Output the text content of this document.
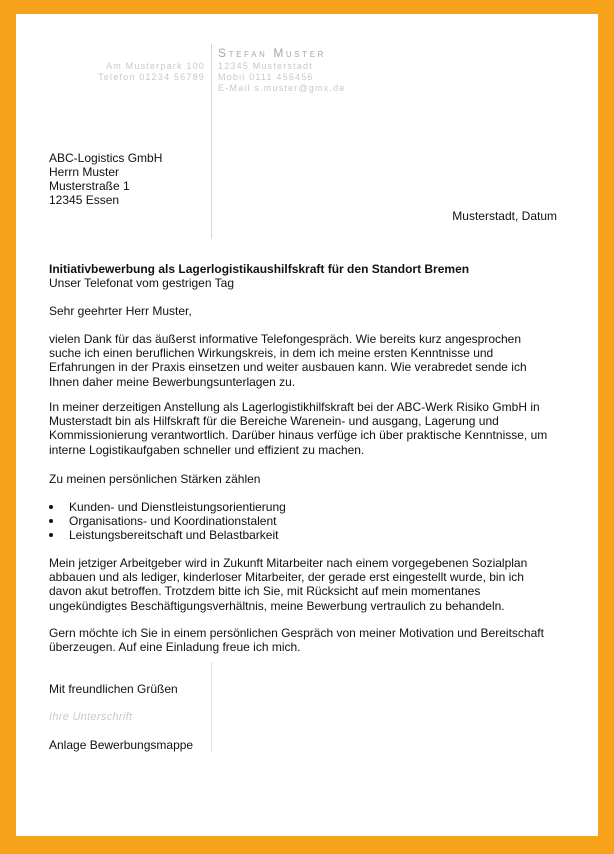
Am Musterpark 100
Telefon 01234 56789
Stefan Muster
12345 Musterstadt
Mobil 0111 456456
E-Mail s.muster@gmx.de
ABC-Logistics GmbH
Herrn Muster
Musterstraße 1
12345 Essen
Musterstadt, Datum
Initiativbewerbung als Lagerlogistikaushilfskraft für den Standort Bremen
Unser Telefonat vom gestrigen Tag
Sehr geehrter Herr Muster,
vielen Dank für das äußerst informative Telefongespräch. Wie bereits kurz angesprochen
suche ich einen beruflichen Wirkungskreis, in dem ich meine ersten Kenntnisse und
Erfahrungen in der Praxis einsetzen und weiter ausbauen kann. Wie verabredet sende ich
Ihnen daher meine Bewerbungsunterlagen zu.
In meiner derzeitigen Anstellung als Lagerlogistikhilfskraft bei der ABC-Werk Risiko GmbH in
Musterstadt bin als Hilfskraft für die Bereiche Warenein- und ausgang, Lagerung und
Kommissionierung verantwortlich. Darüber hinaus verfüge ich über praktische Kenntnisse, um
interne Logistikaufgaben schneller und effizient zu machen.
Zu meinen persönlichen Stärken zählen
Kunden- und Dienstleistungsorientierung
Organisations- und Koordinationstalent
Leistungsbereitschaft und Belastbarkeit
Mein jetziger Arbeitgeber wird in Zukunft Mitarbeiter nach einem vorgegebenen Sozialplan
abbauen und als lediger, kinderloser Mitarbeiter, der gerade erst eingestellt wurde, bin ich
davon akut betroffen. Trotzdem bitte ich Sie, mit Rücksicht auf mein momentanes
ungekündigtes Beschäftigungsverhältnis, meine Bewerbung vertraulich zu behandeln.
Gern möchte ich Sie in einem persönlichen Gespräch von meiner Motivation und Bereitschaft
überzeugen. Auf eine Einladung freue ich mich.
Mit freundlichen Grüßen
Ihre Unterschrift
Anlage Bewerbungsmappe
